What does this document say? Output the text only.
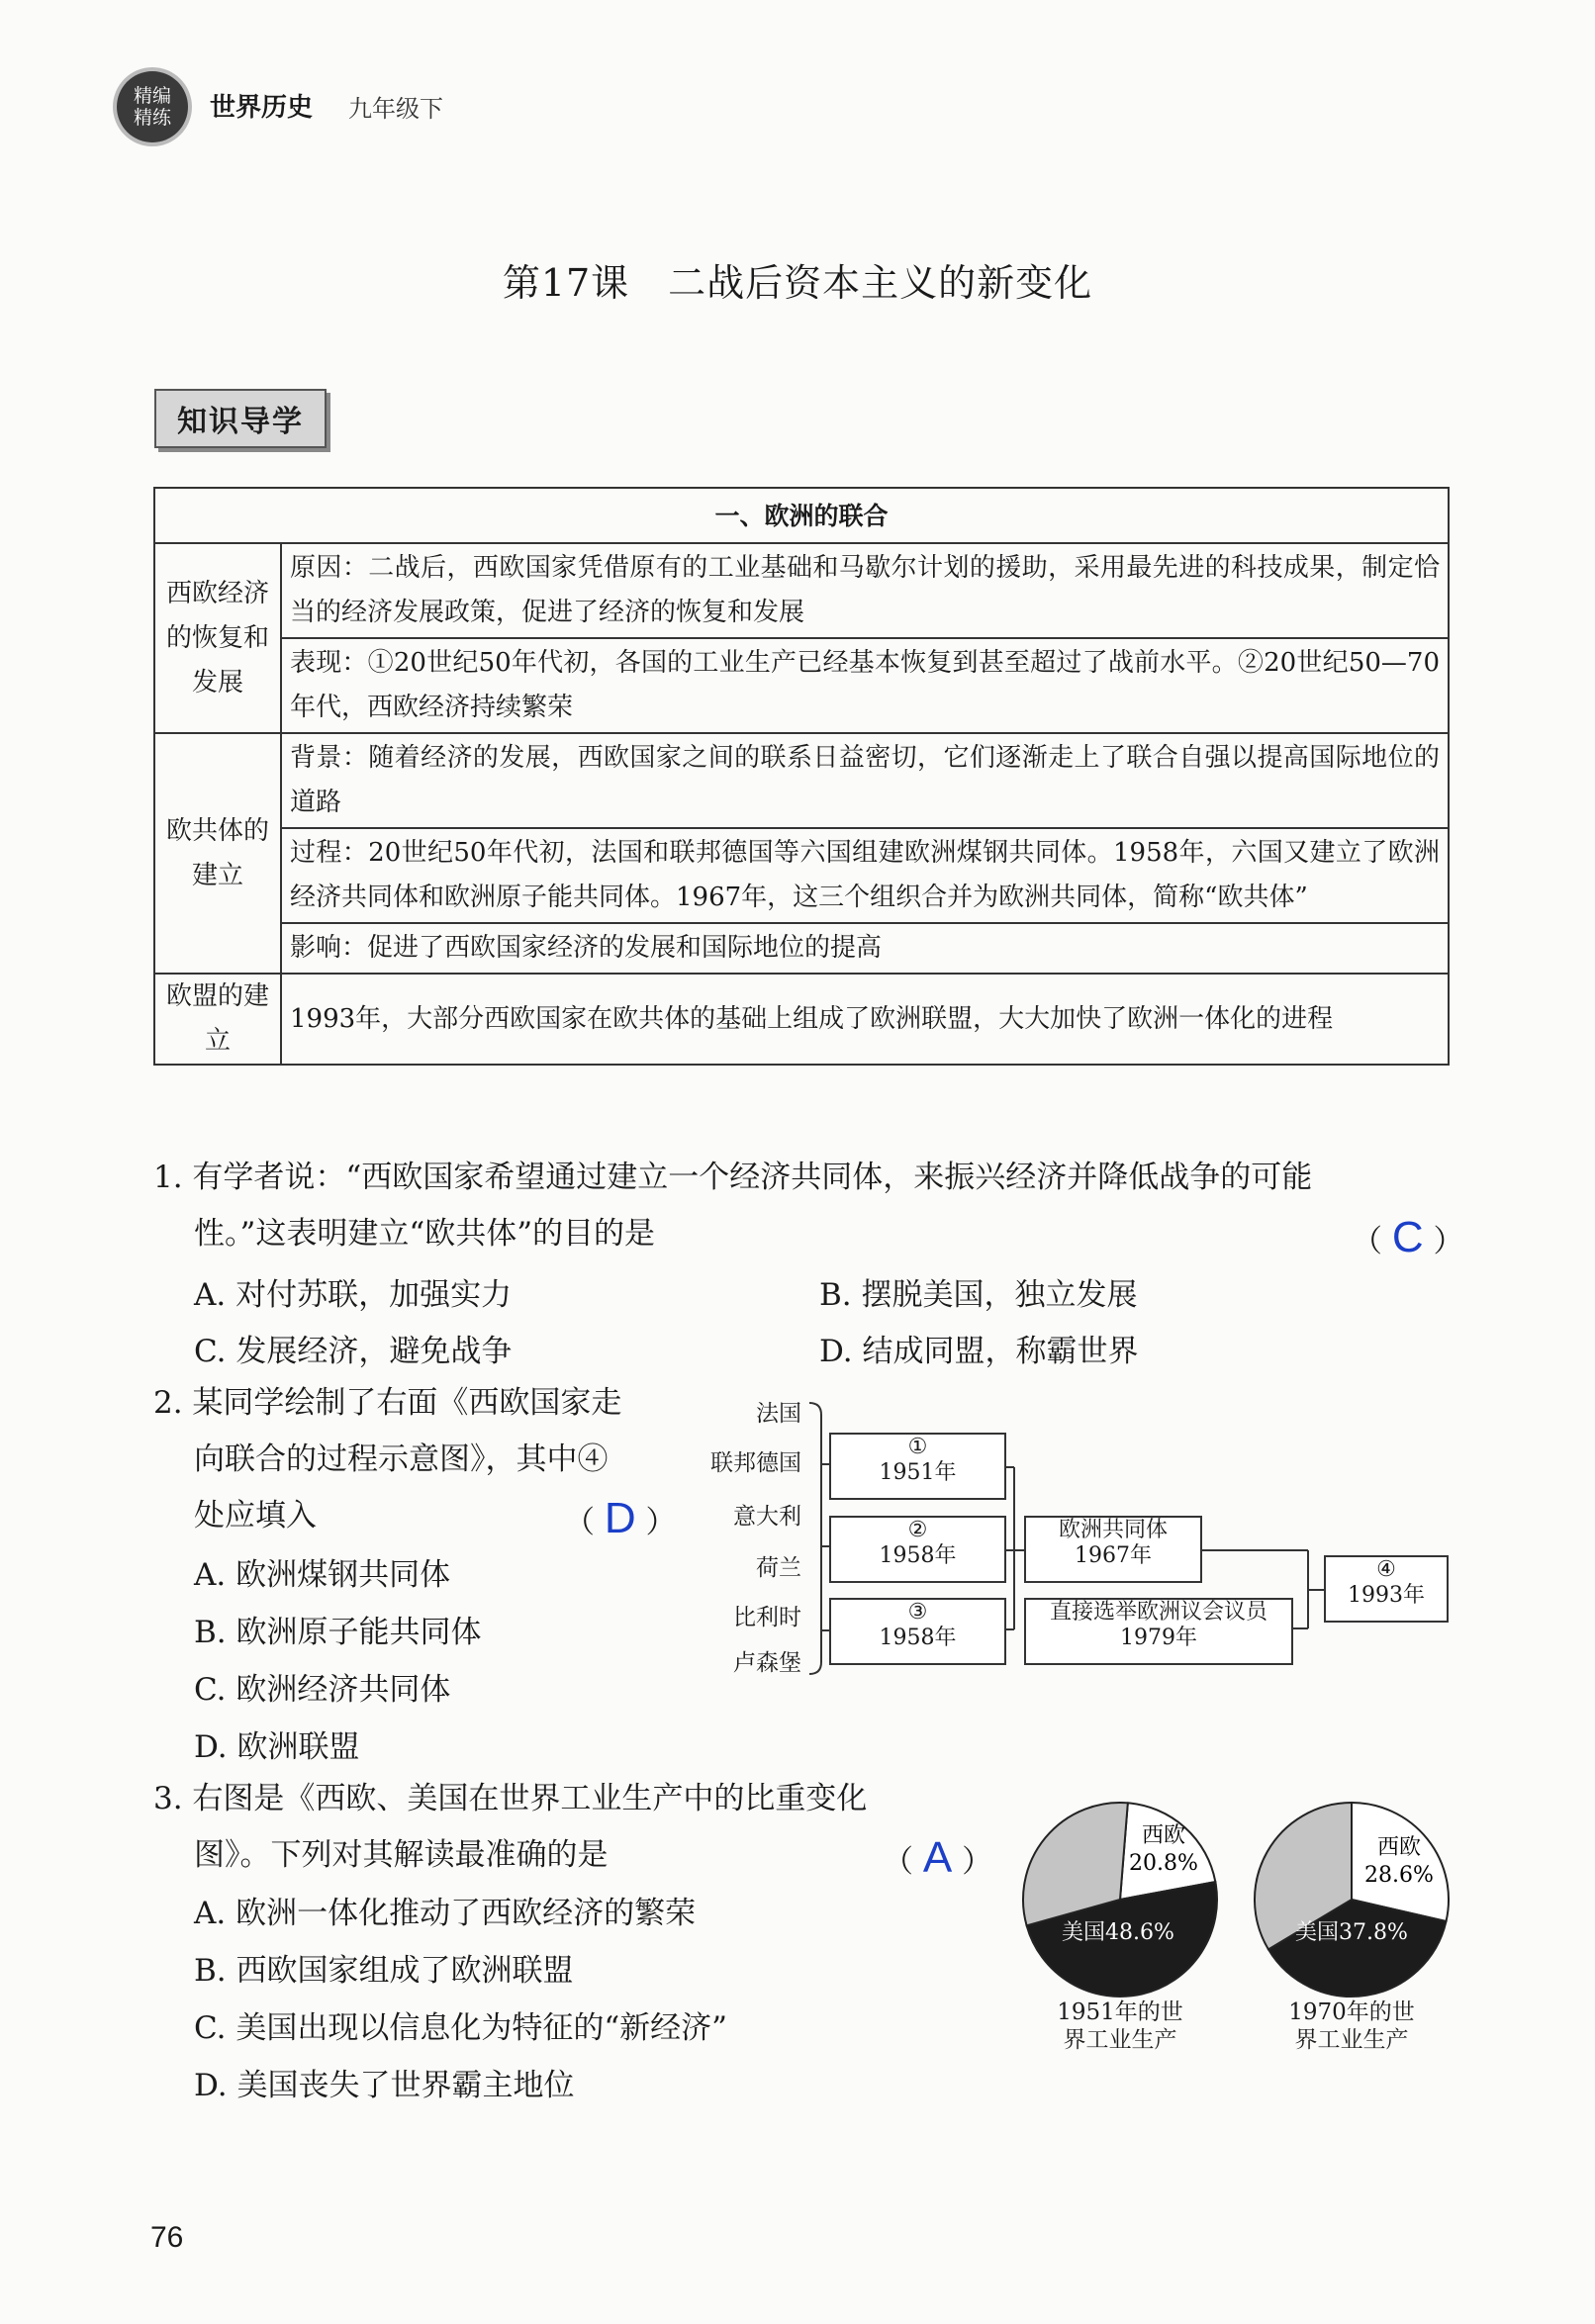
精编
精练 世界历史 九年级下
第17课　二战后资本主义的新变化
知识导学
一、欧洲的联合	
西欧经济的恢复和发展	原因：二战后，西欧国家凭借原有的工业基础和马歇尔计划的援助，采用最先进的科技成果，制定恰当的经济发展政策，促进了经济的恢复和发展
	表现：①20世纪50年代初，各国的工业生产已经基本恢复到甚至超过了战前水平。②20世纪50—70年代，西欧经济持续繁荣
欧共体的建立	背景：随着经济的发展，西欧国家之间的联系日益密切，它们逐渐走上了联合自强以提高国际地位的道路
	过程：20世纪50年代初，法国和联邦德国等六国组建欧洲煤钢共同体。1958年，六国又建立了欧洲经济共同体和欧洲原子能共同体。1967年，这三个组织合并为欧洲共同体，简称“欧共体”
	影响：促进了西欧国家经济的发展和国际地位的提高
欧盟的建立	1993年，大部分西欧国家在欧共体的基础上组成了欧洲联盟，大大加快了欧洲一体化的进程
1. 有学者说：“西欧国家希望通过建立一个经济共同体，来振兴经济并降低战争的可能
性。”这表明建立“欧共体”的目的是	（ C ）
A. 对付苏联，加强实力	B. 摆脱美国，独立发展
C. 发展经济，避免战争	D. 结成同盟，称霸世界
2. 某同学绘制了右面《西欧国家走
向联合的过程示意图》，其中④
处应填入	（ D ）
A. 欧洲煤钢共同体
B. 欧洲原子能共同体
C. 欧洲经济共同体
D. 欧洲联盟
法国
联邦德国
意大利
荷兰
比利时
卢森堡
①
1951年
②
1958年
③
1958年
欧洲共同体
1967年
直接选举欧洲议会议员
1979年
④
1993年
3. 右图是《西欧、美国在世界工业生产中的比重变化
图》。下列对其解读最准确的是	（ A ）
A. 欧洲一体化推动了西欧经济的繁荣
B. 西欧国家组成了欧洲联盟
C. 美国出现以信息化为特征的“新经济”
D. 美国丧失了世界霸主地位
西欧
20.8%
美国48.6%
西欧
28.6%
美国37.8%
1951年的世
界工业生产
1970年的世
界工业生产
76
